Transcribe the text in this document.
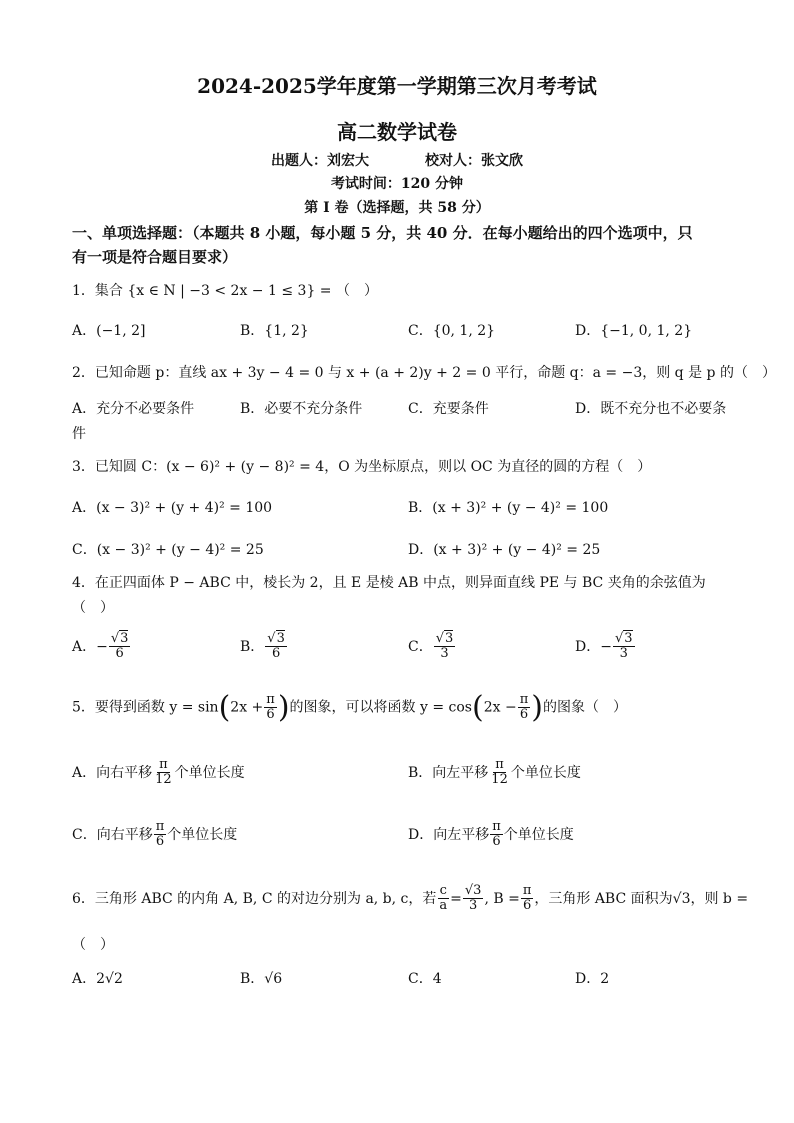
2024-2025学年度第一学期第三次月考考试
高二数学试卷
出题人：刘宏大　　　　校对人：张文欣
考试时间：120 分钟
第 I 卷（选择题，共 58 分）
一、单项选择题：（本题共 8 小题，每小题 5 分，共 40 分．在每小题给出的四个选项中，只
有一项是符合题目要求）
1．集合 {x ∈ N | −3 < 2x − 1 ≤ 3} = （　）
A．(−1, 2]	B．{1, 2}	C．{0, 1, 2}	D．{−1, 0, 1, 2}
2．已知命题 p：直线 ax + 3y − 4 = 0 与 x + (a + 2)y + 2 = 0 平行，命题 q：a = −3，则 q 是 p 的（　）
A．充分不必要条件	B．必要不充分条件	C．充要条件	D．既不充分也不必要条
件
3．已知圆 C：(x − 6)² + (y − 8)² = 4，O 为坐标原点，则以 OC 为直径的圆的方程（　）
A．(x − 3)² + (y + 4)² = 100	B．(x + 3)² + (y − 4)² = 100
C．(x − 3)² + (y − 4)² = 25	D．(x + 3)² + (y − 4)² = 25
4．在正四面体 P − ABC 中，棱长为 2，且 E 是棱 AB 中点，则异面直线 PE 与 BC 夹角的余弦值为
（　）
A．− $\frac{√3}{6}$	B． $\frac{√3}{6}$	C． $\frac{√3}{3}$	D．− $\frac{√3}{3}$
5．要得到函数 $y = \sin(2x + \frac{\pi}{6}$ )的图象，可以将函数 $y = \cos(2x - \frac{\pi}{6}$ )的图象（　）
A．向右平移 $\frac{\pi}{12}$ 个单位长度	B．向左平移 $\frac{\pi}{12}$ 个单位长度
C．向右平移 $\frac{\pi}{6}$ 个单位长度	D．向左平移 $\frac{\pi}{6}$ 个单位长度
6．三角形 ABC 的内角 A, B, C 的对边分别为 a, b, c，若 $\frac{c}{a} = \frac{√3}{3}$ , $B = \frac{\pi}{6}$ ，三角形 ABC 面积为√3，则 b =
（　）
A．2√2	B．√6	C．4	D．2
